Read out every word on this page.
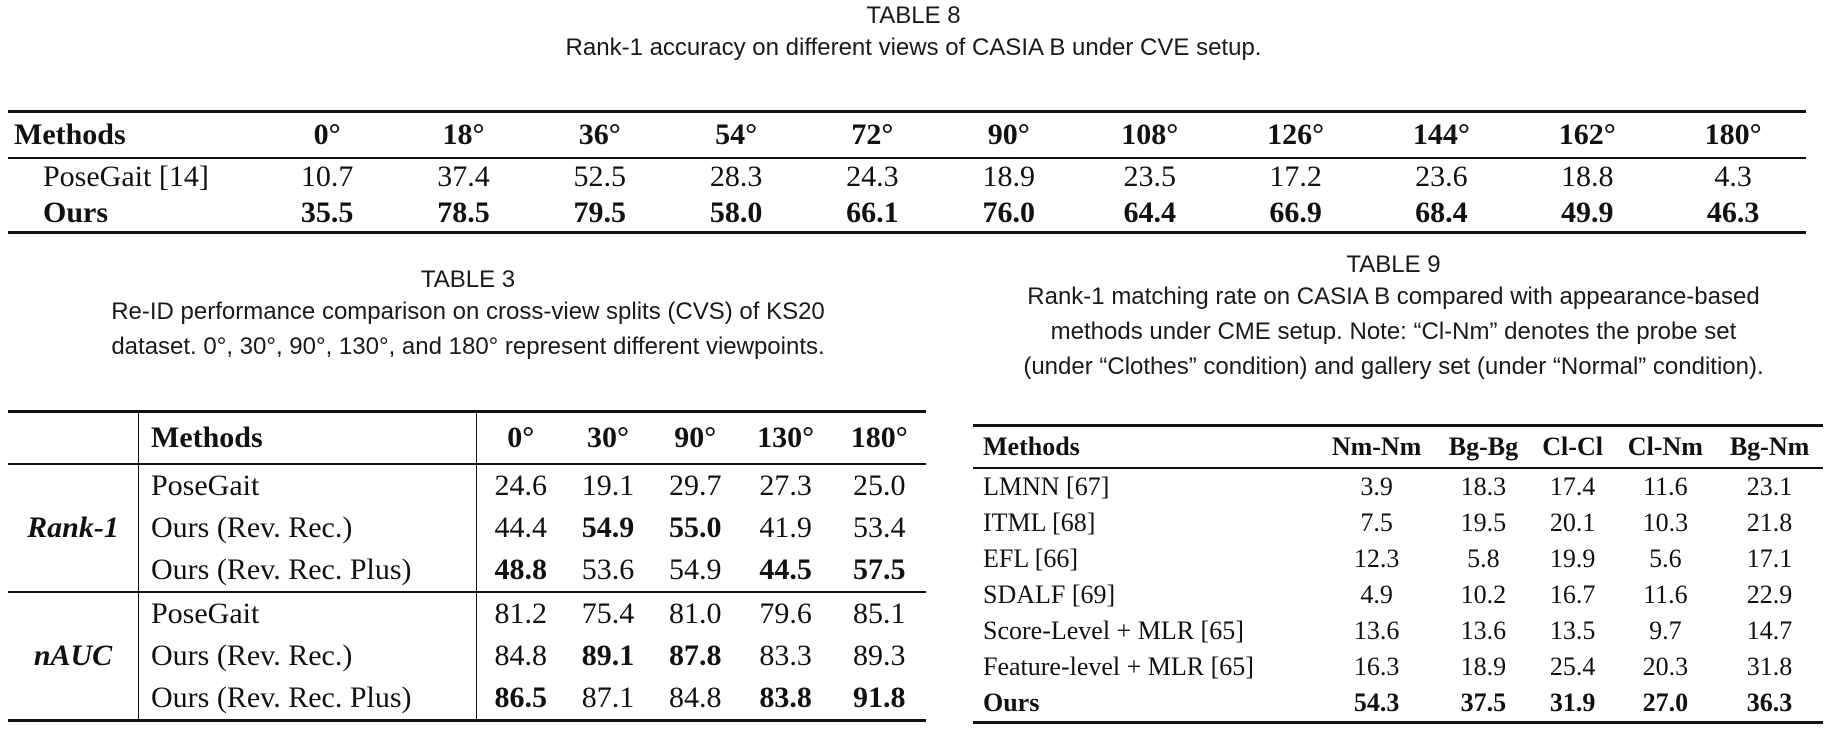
TABLE 8
Rank-1 accuracy on different views of CASIA B under CVE setup.
Methods	0°	18°	36°	54°	72°	90°	108°	126°	144°	162°	180°
PoseGait [14]	10.7	37.4	52.5	28.3	24.3	18.9	23.5	17.2	23.6	18.8	4.3
Ours	35.5	78.5	79.5	58.0	66.1	76.0	64.4	66.9	68.4	49.9	46.3
TABLE 3
Re-ID performance comparison on cross-view splits (CVS) of KS20
dataset. 0°, 30°, 90°, 130°, and 180° represent different viewpoints.
	Methods	0°	30°	90°	130°	180°
Rank-1	PoseGait	24.6	19.1	29.7	27.3	25.0
	Ours (Rev. Rec.)	44.4	54.9	55.0	41.9	53.4
	Ours (Rev. Rec. Plus)	48.8	53.6	54.9	44.5	57.5
nAUC	PoseGait	81.2	75.4	81.0	79.6	85.1
	Ours (Rev. Rec.)	84.8	89.1	87.8	83.3	89.3
	Ours (Rev. Rec. Plus)	86.5	87.1	84.8	83.8	91.8
TABLE 9
Rank-1 matching rate on CASIA B compared with appearance-based
methods under CME setup. Note: “Cl-Nm” denotes the probe set
(under “Clothes” condition) and gallery set (under “Normal” condition).
Methods	Nm-Nm	Bg-Bg	Cl-Cl	Cl-Nm	Bg-Nm
LMNN [67]	3.9	18.3	17.4	11.6	23.1
ITML [68]	7.5	19.5	20.1	10.3	21.8
EFL [66]	12.3	5.8	19.9	5.6	17.1
SDALF [69]	4.9	10.2	16.7	11.6	22.9
Score-Level + MLR [65]	13.6	13.6	13.5	9.7	14.7
Feature-level + MLR [65]	16.3	18.9	25.4	20.3	31.8
Ours	54.3	37.5	31.9	27.0	36.3
